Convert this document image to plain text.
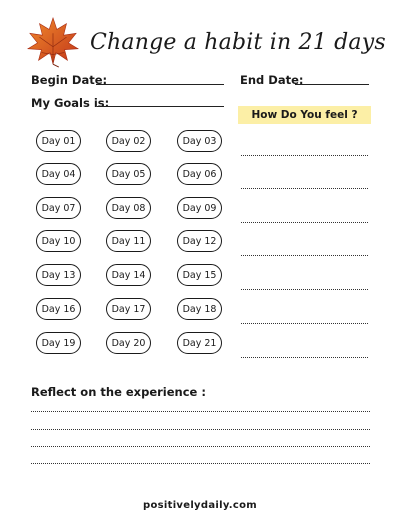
Change a habit in 21 days
Begin Date:	End Date:
My Goals is:
How Do You feel ?
Day 01	Day 02	Day 03
Day 04	Day 05	Day 06
Day 07	Day 08	Day 09
Day 10	Day 11	Day 12
Day 13	Day 14	Day 15
Day 16	Day 17	Day 18
Day 19	Day 20	Day 21
Reflect on the experience :
positivelydaily.com
